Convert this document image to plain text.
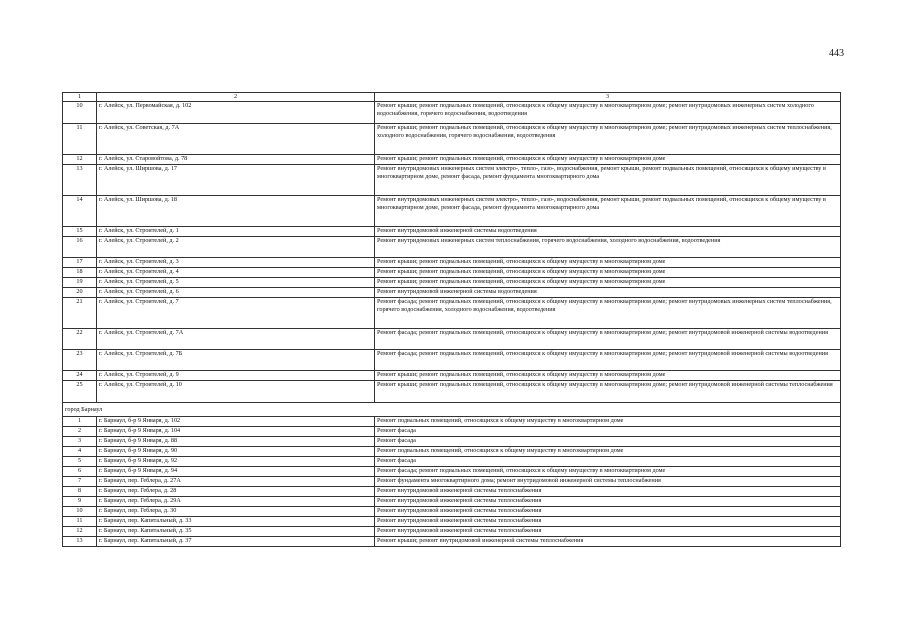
443
1	2	3
10	г. Алейск, ул. Первомайская, д. 102	Ремонт крыши; ремонт подвальных помещений, относящихся к общему имуществу в многоквартирном доме; ремонт внутридомовых инженерных систем холодного водоснабжения, горячего водоснабжения, водоотведения
11	г. Алейск, ул. Советская, д. 7А	Ремонт крыши; ремонт подвальных помещений, относящихся к общему имуществу в многоквартирном доме; ремонт внутридомовых инженерных систем теплоснабжения, холодного водоснабжения, горячего водоснабжения, водоотведения
12	г. Алейск, ул. Старовойтова, д. 78	Ремонт крыши; ремонт подвальных помещений, относящихся к общему имуществу в многоквартирном доме
13	г. Алейск, ул. Ширшова, д. 17	Ремонт внутридомовых инженерных систем электро-, тепло-, газо-, водоснабжения, ремонт крыши, ремонт подвальных помещений, относящихся к общему имуществу в многоквартирном доме, ремонт фасада, ремонт фундамента многоквартирного дома
14	г. Алейск, ул. Ширшова, д. 18	Ремонт внутридомовых инженерных систем электро-, тепло-, газо-, водоснабжения, ремонт крыши, ремонт подвальных помещений, относящихся к общему имуществу в многоквартирном доме, ремонт фасада, ремонт фундамента многоквартирного дома
15	г. Алейск, ул. Строителей, д. 1	Ремонт внутридомовой инженерной системы водоотведения
16	г. Алейск, ул. Строителей, д. 2	Ремонт внутридомовых инженерных систем теплоснабжения, горячего водоснабжения, холодного водоснабжения, водоотведения
17	г. Алейск, ул. Строителей, д. 3	Ремонт крыши; ремонт подвальных помещений, относящихся к общему имуществу в многоквартирном доме
18	г. Алейск, ул. Строителей, д. 4	Ремонт крыши; ремонт подвальных помещений, относящихся к общему имуществу в многоквартирном доме
19	г. Алейск, ул. Строителей, д. 5	Ремонт крыши; ремонт подвальных помещений, относящихся к общему имуществу в многоквартирном доме
20	г. Алейск, ул. Строителей, д. 6	Ремонт внутридомовой инженерной системы водоотведения
21	г. Алейск, ул. Строителей, д. 7	Ремонт фасада; ремонт подвальных помещений, относящихся к общему имуществу в многоквартирном доме; ремонт внутридомовых инженерных систем теплоснабжения, горячего водоснабжения, холодного водоснабжения, водоотведения
22	г. Алейск, ул. Строителей, д. 7А	Ремонт фасада; ремонт подвальных помещений, относящихся к общему имуществу в многоквартирном доме; ремонт внутридомовой инженерной системы водоотведения
23	г. Алейск, ул. Строителей, д. 7Б	Ремонт фасада; ремонт подвальных помещений, относящихся к общему имуществу в многоквартирном доме; ремонт внутридомовой инженерной системы водоотведения
24	г. Алейск, ул. Строителей, д. 9	Ремонт крыши; ремонт подвальных помещений, относящихся к общему имуществу в многоквартирном доме
25	г. Алейск, ул. Строителей, д. 10	Ремонт крыши; ремонт подвальных помещений, относящихся к общему имуществу в многоквартирном доме; ремонт внутридомовой инженерной системы теплоснабжения
город Барнаул		
1	г. Барнаул, б-р 9 Января, д. 102	Ремонт подвальных помещений, относящихся к общему имуществу в многоквартирном доме
2	г. Барнаул, б-р 9 Января, д. 104	Ремонт фасада
3	г. Барнаул, б-р 9 Января, д. 88	Ремонт фасада
4	г. Барнаул, б-р 9 Января, д. 90	Ремонт подвальных помещений, относящихся к общему имуществу в многоквартирном доме
5	г. Барнаул, б-р 9 Января, д. 92	Ремонт фасада
6	г. Барнаул, б-р 9 Января, д. 94	Ремонт фасада; ремонт подвальных помещений, относящихся к общему имуществу в многоквартирном доме
7	г. Барнаул, пер. Геблера, д. 27А	Ремонт фундамента многоквартирного дома; ремонт внутридомовой инженерной системы теплоснабжения
8	г. Барнаул, пер. Геблера, д. 28	Ремонт внутридомовой инженерной системы теплоснабжения
9	г. Барнаул, пер. Геблера, д. 29А	Ремонт внутридомовой инженерной системы теплоснабжения
10	г. Барнаул, пер. Геблера, д. 30	Ремонт внутридомовой инженерной системы теплоснабжения
11	г. Барнаул, пер. Капитальный, д. 33	Ремонт внутридомовой инженерной системы теплоснабжения
12	г. Барнаул, пер. Капитальный, д. 35	Ремонт внутридомовой инженерной системы теплоснабжения
13	г. Барнаул, пер. Капитальный, д. 37	Ремонт крыши; ремонт внутридомовой инженерной системы теплоснабжения
